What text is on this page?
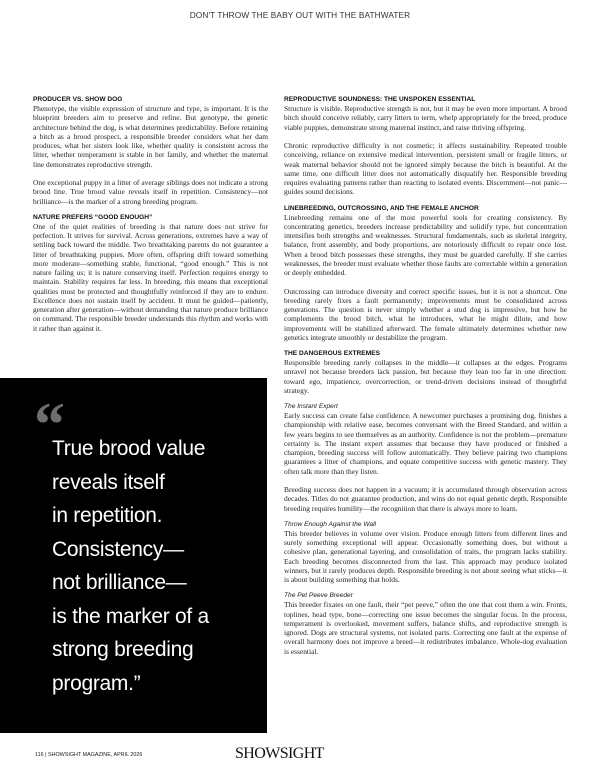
DON'T THROW THE BABY OUT WITH THE BATHWATER
PRODUCER VS. SHOW DOG

Phenotype, the visible expression of structure and type, is important. It is the blueprint breeders aim to preserve and refine. But genotype, the genetic architecture behind the dog, is what determines predictability. Before retaining a bitch as a brood prospect, a responsible breeder considers what her dam produces, what her sisters look like, whether quality is consistent across the litter, whether temperament is stable in her family, and whether the maternal line demonstrates reproductive strength.

One exceptional puppy in a litter of average siblings does not indicate a strong brood line. True brood value reveals itself in repetition. Consistency—not brilliance—is the marker of a strong breeding program.

NATURE PREFERS “GOOD ENOUGH”

One of the quiet realities of breeding is that nature does not strive for perfection. It strives for survival. Across generations, extremes have a way of settling back toward the middle. Two breathtaking parents do not guarantee a litter of breathtaking puppies. More often, offspring drift toward something more moderate—something stable, functional, “good enough.” This is not nature failing us; it is nature conserving itself. Perfection requires energy to maintain. Stability requires far less. In breeding, this means that exceptional qualities must be protected and thoughtfully reinforced if they are to endure. Excellence does not sustain itself by accident. It must be guided—patiently, generation after generation—without demanding that nature produce brilliance on command. The responsible breeder understands this rhythm and works with it rather than against it.

“
True brood value
reveals itself
in repetition.
Consistency—
not brilliance—
is the marker of a
strong breeding
program.”
REPRODUCTIVE SOUNDNESS: THE UNSPOKEN ESSENTIAL

Structure is visible. Reproductive strength is not, but it may be even more important. A brood bitch should conceive reliably, carry litters to term, whelp appropriately for the breed, produce viable puppies, demonstrate strong maternal instinct, and raise thriving offspring.

Chronic reproductive difficulty is not cosmetic; it affects sustainability. Repeated trouble conceiving, reliance on extensive medical intervention, persistent small or fragile litters, or weak maternal behavior should not be ignored simply because the bitch is beautiful. At the same time, one difficult litter does not automatically disqualify her. Responsible breeding requires evaluating patterns rather than reacting to isolated events. Discernment—not panic—guides sound decisions.

LINEBREEDING, OUTCROSSING, AND THE FEMALE ANCHOR

Linebreeding remains one of the most powerful tools for creating consistency. By concentrating genetics, breeders increase predictability and solidify type, but concentration intensifies both strengths and weaknesses. Structural fundamentals, such as skeletal integrity, balance, front assembly, and body proportions, are notoriously difficult to repair once lost. When a brood bitch possesses these strengths, they must be guarded carefully. If she carries weaknesses, the breeder must evaluate whether those faults are correctable within a generation or deeply embedded.

Outcrossing can introduce diversity and correct specific issues, but it is not a shortcut. One breeding rarely fixes a fault permanently; improvements must be consolidated across generations. The question is never simply whether a stud dog is impressive, but how he complements the brood bitch, what he introduces, what he might dilute, and how improvements will be stabilized afterward. The female ultimately determines whether new genetics integrate smoothly or destabilize the program.

THE DANGEROUS EXTREMES

Responsible breeding rarely collapses in the middle—it collapses at the edges. Programs unravel not because breeders lack passion, but because they lean too far in one direction: toward ego, impatience, overcorrection, or trend-driven decisions instead of thoughtful strategy.

The Instant Expert

Early success can create false confidence. A newcomer purchases a promising dog, finishes a championship with relative ease, becomes conversant with the Breed Standard, and within a few years begins to see themselves as an authority. Confidence is not the problem—premature certainty is. The instant expert assumes that because they have produced or finished a champion, breeding success will follow automatically. They believe pairing two champions guarantees a litter of champions, and equate competitive success with genetic mastery. They often talk more than they listen.

Breeding success does not happen in a vacuum; it is accumulated through observation across decades. Titles do not guarantee production, and wins do not equal genetic depth. Responsible breeding requires humility—the recognition that there is always more to learn.

Throw Enough Against the Wall

This breeder believes in volume over vision. Produce enough litters from different lines and surely something exceptional will appear. Occasionally something does, but without a cohesive plan, generational layering, and consolidation of traits, the program lacks stability. Each breeding becomes disconnected from the last. This approach may produce isolated winners, but it rarely produces depth. Responsible breeding is not about seeing what sticks—it is about building something that holds.

The Pet Peeve Breeder

This breeder fixates on one fault, their “pet peeve,” often the one that cost them a win. Fronts, toplines, head type, bone—correcting one issue becomes the singular focus. In the process, temperament is overlooked, movement suffers, balance shifts, and reproductive strength is ignored. Dogs are structural systems, not isolated parts. Correcting one fault at the expense of overall harmony does not improve a breed—it redistributes imbalance. Whole-dog evaluation is essential.

116 | SHOWSIGHT MAGAZINE, APRIL 2026	SHOWSIGHT
